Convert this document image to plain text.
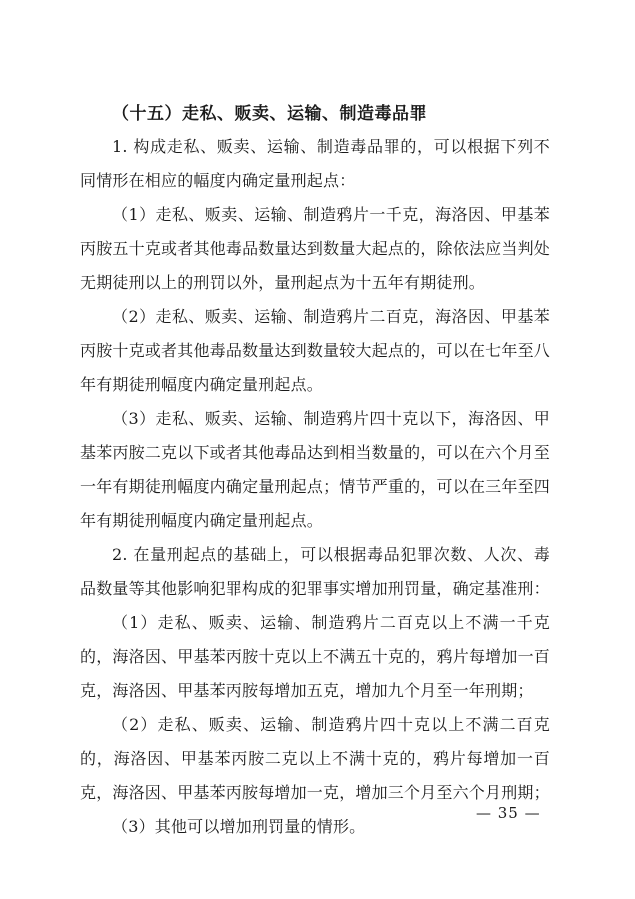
（十五）走私、贩卖、运输、制造毒品罪

1. 构成走私、贩卖、运输、制造毒品罪的，可以根据下列不同情形在相应的幅度内确定量刑起点：

（1）走私、贩卖、运输、制造鸦片一千克，海洛因、甲基苯丙胺五十克或者其他毒品数量达到数量大起点的，除依法应当判处无期徒刑以上的刑罚以外，量刑起点为十五年有期徒刑。

（2）走私、贩卖、运输、制造鸦片二百克，海洛因、甲基苯丙胺十克或者其他毒品数量达到数量较大起点的，可以在七年至八年有期徒刑幅度内确定量刑起点。

（3）走私、贩卖、运输、制造鸦片四十克以下，海洛因、甲基苯丙胺二克以下或者其他毒品达到相当数量的，可以在六个月至一年有期徒刑幅度内确定量刑起点；情节严重的，可以在三年至四年有期徒刑幅度内确定量刑起点。

2. 在量刑起点的基础上，可以根据毒品犯罪次数、人次、毒品数量等其他影响犯罪构成的犯罪事实增加刑罚量，确定基准刑：

（1）走私、贩卖、运输、制造鸦片二百克以上不满一千克的，海洛因、甲基苯丙胺十克以上不满五十克的，鸦片每增加一百克，海洛因、甲基苯丙胺每增加五克，增加九个月至一年刑期；

（2）走私、贩卖、运输、制造鸦片四十克以上不满二百克的，海洛因、甲基苯丙胺二克以上不满十克的，鸦片每增加一百克，海洛因、甲基苯丙胺每增加一克，增加三个月至六个月刑期；

（3）其他可以增加刑罚量的情形。

— 35 —
